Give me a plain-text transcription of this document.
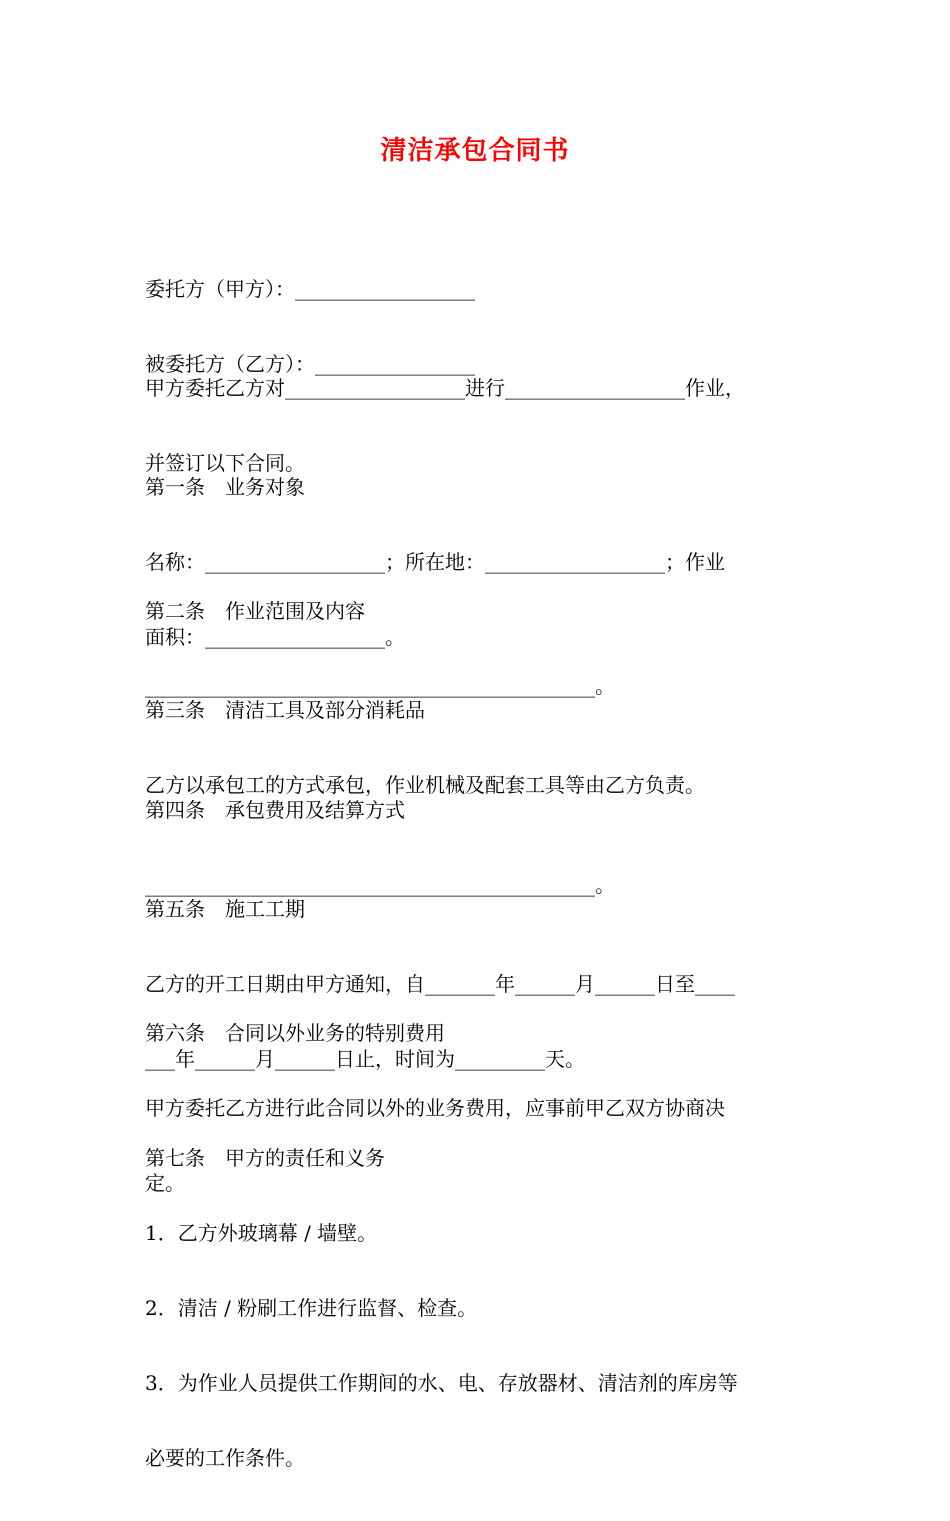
清洁承包合同书

委托方（甲方）：__________________

被委托方（乙方）：________________

甲方委托乙方对__________________进行__________________作业，

并签订以下合同。

第一条　业务对象

名称：__________________；所在地：__________________；作业

面积：__________________。

第二条　作业范围及内容

_____________________________________________。

第三条　清洁工具及部分消耗品

乙方以承包工的方式承包，作业机械及配套工具等由乙方负责。

第四条　承包费用及结算方式

_____________________________________________。

第五条　施工工期

乙方的开工日期由甲方通知，自_______年______月______日至____

___年______月______日止，时间为_________天。

第六条　合同以外业务的特别费用

甲方委托乙方进行此合同以外的业务费用，应事前甲乙双方协商决

定。

第七条　甲方的责任和义务

1．乙方外玻璃幕 / 墙壁。

2．清洁 / 粉刷工作进行监督、检查。

3．为作业人员提供工作期间的水、电、存放器材、清洁剂的库房等

必要的工作条件。
